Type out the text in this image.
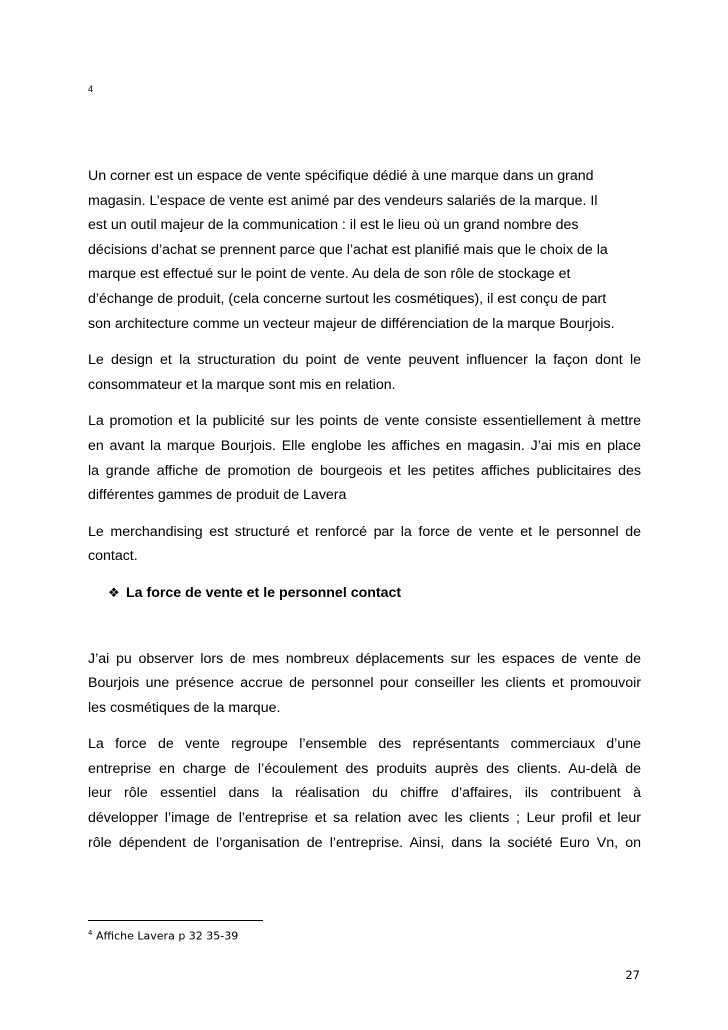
4

Un corner est un espace de vente spécifique dédié à une marque dans un grand
magasin. L’espace de vente est animé par des vendeurs salariés de la marque. Il
est un outil majeur de la communication : il est le lieu où un grand nombre des
décisions d’achat se prennent parce que l’achat est planifié mais que le choix de la
marque est effectué sur le point de vente. Au dela de son rôle de stockage et
d’échange de produit, (cela concerne surtout les cosmétiques), il est conçu de part
son architecture comme un vecteur majeur de différenciation de la marque Bourjois.

Le design et la structuration du point de vente peuvent influencer la façon dont le
consommateur et la marque sont mis en relation.

La promotion et la publicité sur les points de vente consiste essentiellement à mettre
en avant la marque Bourjois. Elle englobe les affiches en magasin. J’ai mis en place
la grande affiche de promotion de bourgeois et les petites affiches publicitaires des
différentes gammes de produit de Lavera

Le merchandising est structuré et renforcé par la force de vente et le personnel de
contact.

❖ La force de vente et le personnel contact

J’ai pu observer lors de mes nombreux déplacements sur les espaces de vente de
Bourjois une présence accrue de personnel pour conseiller les clients et promouvoir
les cosmétiques de la marque.

La force de vente regroupe l’ensemble des représentants commerciaux d’une
entreprise en charge de l’écoulement des produits auprès des clients. Au-delà de
leur rôle essentiel dans la réalisation du chiffre d’affaires, ils contribuent à
développer l’image de l’entreprise et sa relation avec les clients ; Leur profil et leur
rôle dépendent de l’organisation de l’entreprise. Ainsi, dans la société Euro Vn, on

$^4$ Affiche Lavera p 32 35-39
27
